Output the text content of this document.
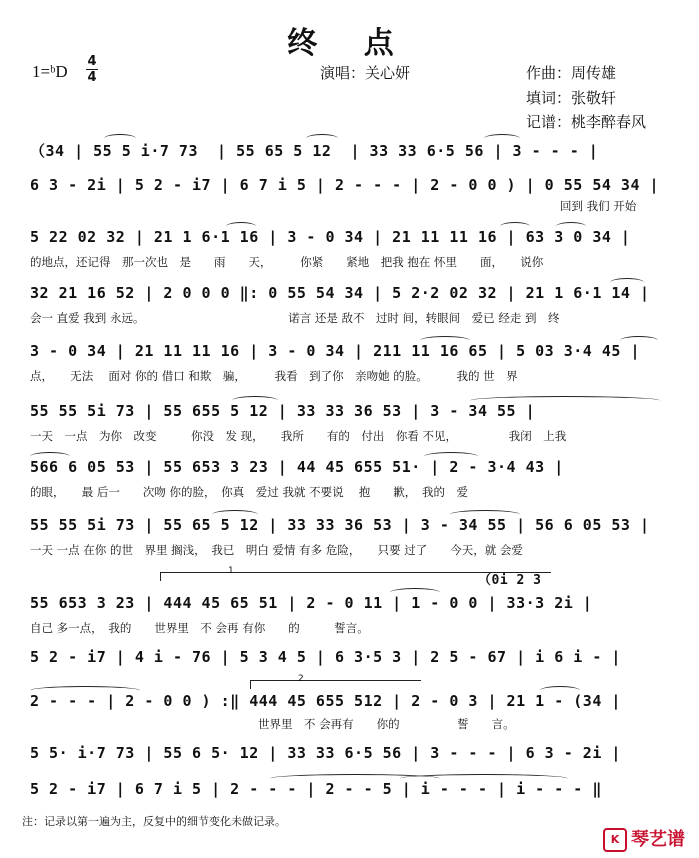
终 点
1=ᵇD
4
4	演唱：关心妍	作曲：周传雄
填词：张敬轩
记谱：桃李醉春风
（34 | 55 5 i·7 73  | 55 65 5 12  | 33 33 6·5 56 | 3 - - - |
6 3 - 2i | 5 2 - i7 | 6 7 i 5 | 2 - - - | 2 - 0 0 ) | 0 55 54 34 |
回到 我们 开始
5 22 02 32 | 21 1 6·1 16 | 3 - 0 34 | 21 11 11 16 | 63 3 0 34 |
的地点，还记得　那一次也　是　　雨　　天，　　　你紧　　紧地　把我 抱在 怀里　　面，　　说你
32 21 16 52 | 2 0 0 0 ‖: 0 55 54 34 | 5 2·2 02 32 | 21 1 6·1 14 |
会一 直爱 我到 永远。　　　　　　　　　　　　　诺言 还是 敌不　过时 间，转眼间　爱已 经走 到　终
3 - 0 34 | 21 11 11 16 | 3 - 0 34 | 211 11 16 65 | 5 03 3·4 45 |
点，　　无法　 面对 你的 借口 和欺　骗，　　　我看　到了你　亲吻她 的脸。　　　我的 世　界
55 55 5i 73 | 55 655 5 12 | 33 33 36 53 | 3 - 34 55 |
一天　一点　为你　改变　　　你没　发 现，　　我所　　有的　付出　你看 不见，　　　　　我闭　上我
566 6 05 53 | 55 653 3 23 | 44 45 655 51· | 2 - 3·4 43 |
的眼，　　最 后一　　次吻 你的脸，　你真　爱过 我就 不要说　 抱　　歉，　我的　爱
55 55 5i 73 | 55 65 5 12 | 33 33 36 53 | 3 - 34 55 | 56 6 05 53 |
一天 一点 在你 的世　界里 搁浅，　我已　明白 爱情 有多 危险，　　只要 过了　　今天，就 会爱
1
（0i 2 3
55 653 3 23 | 444 45 65 51 | 2 - 0 11 | 1 - 0 0 | 33·3 2i |
自己 多一点，　我的　　世界里　不 会再 有你　　的　　　誓言。
5 2 - i7 | 4 i - 76 | 5 3 4 5 | 6 3·5 3 | 2 5 - 67 | i 6 i - |
2
2 - - - | 2 - 0 0 ) :‖ 444 45 655 512 | 2 - 0 3 | 21 1 - (34 |
世界里　不 会再有　　你的　　　　　誓　　言。
5 5· i·7 73 | 55 6 5· 12 | 33 33 6·5 56 | 3 - - - | 6 3 - 2i |
5 2 - i7 | 6 7 i 5 | 2 - - - | 2 - - 5 | i - - - | i - - - ‖
注：记录以第一遍为主，反复中的细节变化未做记录。
K 琴艺谱
